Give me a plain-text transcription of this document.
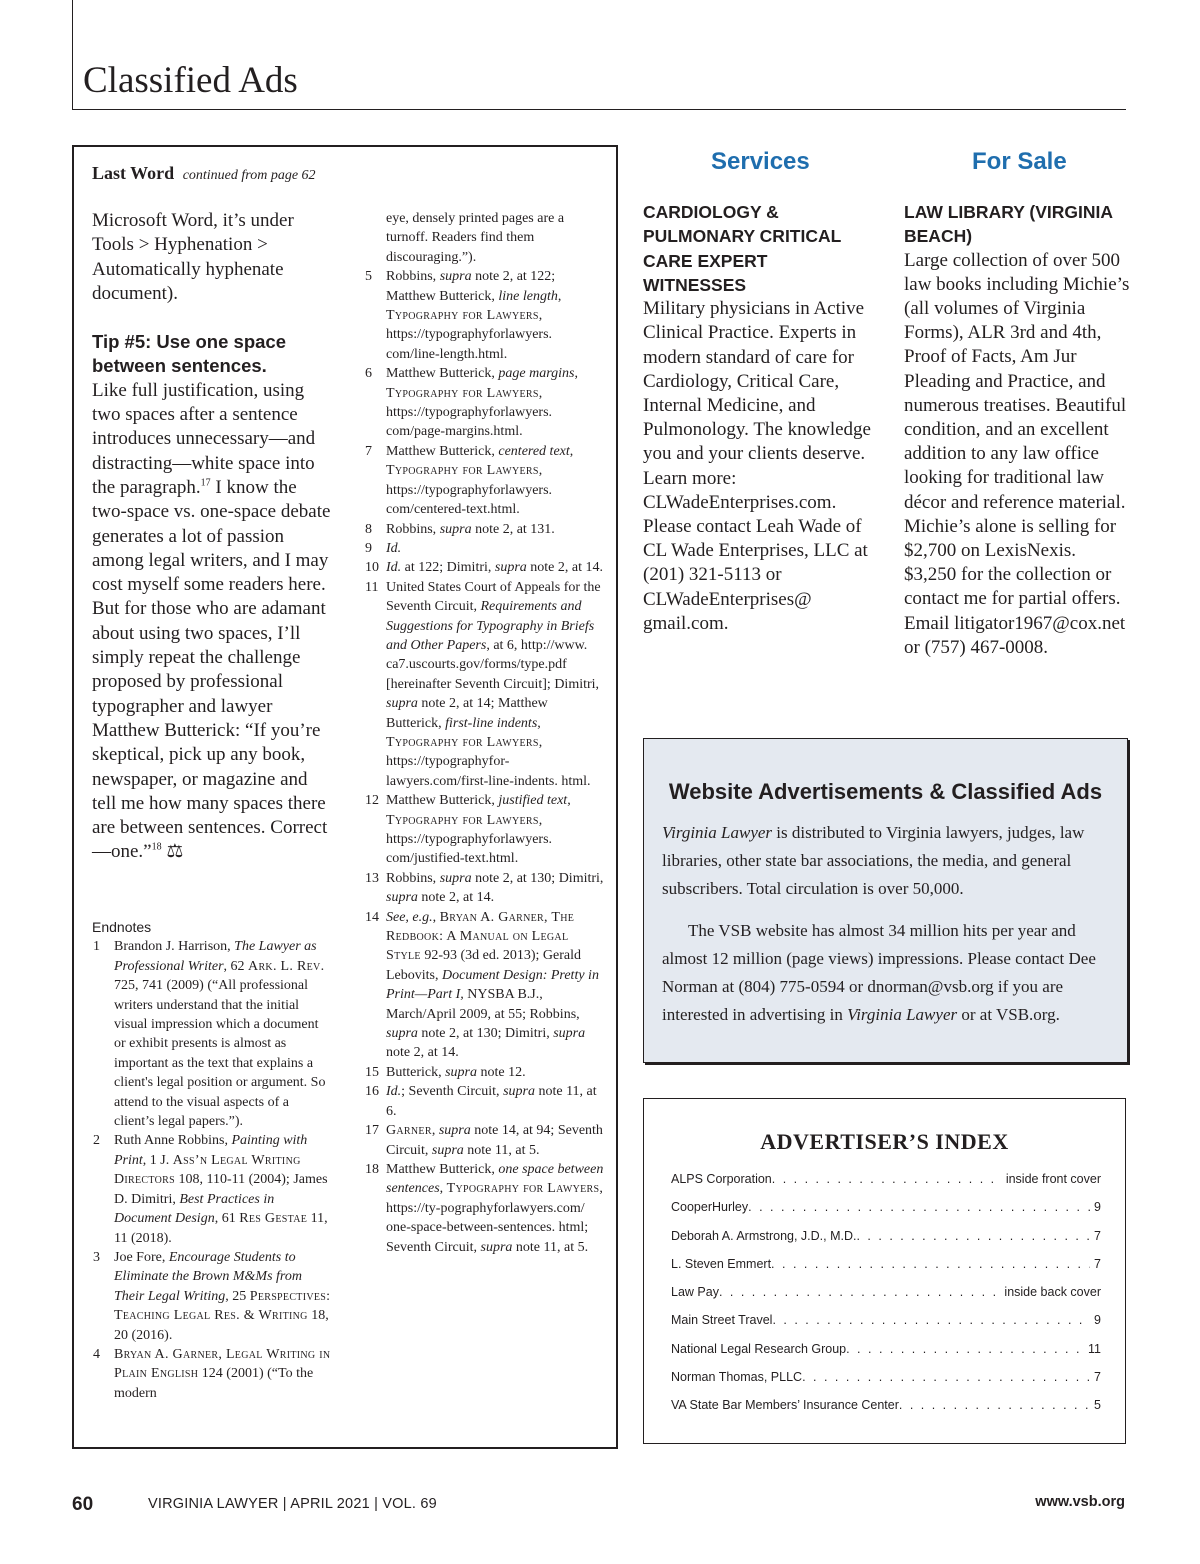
Classified Ads
Last Word continued from page 62

Microsoft Word, it’s under Tools > Hyphenation > Automatically hyphenate document).

Tip #5: Use one space between sentences.

Like full justification, using two spaces after a sentence introduces unnecessary—and distracting—white space into the paragraph.$^{17}$ I know the two-space vs. one-space debate generates a lot of passion among legal writers, and I may cost myself some readers here. But for those who are adamant about using two spaces, I’ll simply repeat the challenge proposed by professional typographer and lawyer Matthew Butterick: “If you’re skeptical, pick up any book, newspaper, or magazine and tell me how many spaces there are between sentences. Correct—one.”$^{18}$ ⚖

Endnotes
1	Brandon J. Harrison, The Lawyer as Professional Writer, 62 Ark. L. Rev. 725, 741 (2009) (“All professional writers understand that the initial visual impression which a document or exhibit presents is almost as important as the text that explains a client's legal position or argument. So attend to the visual aspects of a client’s legal papers.”).
2	Ruth Anne Robbins, Painting with Print, 1 J. Ass’n Legal Writing Directors 108, 110-11 (2004); James D. Dimitri, Best Practices in Document Design, 61 Res Gestae 11, 11 (2018).
3	Joe Fore, Encourage Students to Eliminate the Brown M&Ms from Their Legal Writing, 25 Perspectives: Teaching Legal Res. & Writing 18, 20 (2016).
4	Bryan A. Garner, Legal Writing in Plain English 124 (2001) (“To the modern
eye, densely printed pages are a turnoff. Readers find them discouraging.”).
5	Robbins, supra note 2, at 122; Matthew Butterick, line length, Typography for Lawyers, https://typographyforlawyers. com/line-length.html.
6	Matthew Butterick, page margins, Typography for Lawyers, https://typographyforlawyers. com/page-margins.html.
7	Matthew Butterick, centered text, Typography for Lawyers, https://typographyforlawyers. com/centered-text.html.
8	Robbins, supra note 2, at 131.
9	Id.
10 Id. at 122; Dimitri, supra note 2, at 14.
11 United States Court of Appeals for the Seventh Circuit, Requirements and Suggestions for Typography in Briefs and Other Papers, at 6, http://www. ca7.uscourts.gov/forms/type.pdf [hereinafter Seventh Circuit]; Dimitri, supra note 2, at 14; Matthew Butterick, first-line indents, Typography for Lawyers, https://typographyfor-lawyers.com/first-line-indents. html.
12 Matthew Butterick, justified text, Typography for Lawyers, https://typographyforlawyers. com/justified-text.html.
13 Robbins, supra note 2, at 130; Dimitri, supra note 2, at 14.
14 See, e.g., Bryan A. Garner, The Redbook: A Manual on Legal Style 92-93 (3d ed. 2013); Gerald Lebovits, Document Design: Pretty in Print—Part I, NYSBA B.J., March/April 2009, at 55; Robbins, supra note 2, at 130; Dimitri, supra note 2, at 14.
15 Butterick, supra note 12.
16 Id.; Seventh Circuit, supra note 11, at 6.
17 Garner, supra note 14, at 94; Seventh Circuit, supra note 11, at 5.
18 Matthew Butterick, one space between sentences, Typography for Lawyers, https://ty-pographyforlawyers.com/ one-space-between-sentences. html; Seventh Circuit, supra note 11, at 5.
Services
CARDIOLOGY & PULMONARY CRITICAL CARE EXPERT WITNESSES
Military physicians in Active Clinical Practice. Experts in modern standard of care for Cardiology, Critical Care, Internal Medicine, and Pulmonology. The knowledge you and your clients deserve. Learn more: CLWadeEnterprises.com. Please contact Leah Wade of CL Wade Enterprises, LLC at (201) 321-5113 or CLWadeEnterprises@ gmail.com.
For Sale
LAW LIBRARY (VIRGINIA BEACH)
Large collection of over 500 law books including Michie’s (all volumes of Virginia Forms), ALR 3rd and 4th, Proof of Facts, Am Jur Pleading and Practice, and numerous treatises. Beautiful condition, and an excellent addition to any law office looking for traditional law décor and reference material. Michie’s alone is selling for $2,700 on LexisNexis. $3,250 for the collection or contact me for partial offers. Email litigator1967@cox.net or (757) 467-0008.
Website Advertisements & Classified Ads

Virginia Lawyer is distributed to Virginia lawyers, judges, law libraries, other state bar associations, the media, and general subscribers. Total circulation is over 50,000.

The VSB website has almost 34 million hits per year and almost 12 million (page views) impressions. Please contact Dee Norman at (804) 775-0594 or dnorman@vsb.org if you are interested in advertising in Virginia Lawyer or at VSB.org.

ADVERTISER’S INDEX
ALPS Corporation . . .	inside front cover
CooperHurley . . .	9
Deborah A. Armstrong, J.D., M.D. . . .	7
L. Steven Emmert . . .	7
Law Pay . . .	inside back cover
Main Street Travel . . .	9
National Legal Research Group . . .	11
Norman Thomas, PLLC . . .	7
VA State Bar Members’ Insurance Center . . .	5
60	VIRGINIA LAWYER | APRIL 2021 | VOL. 69	www.vsb.org
